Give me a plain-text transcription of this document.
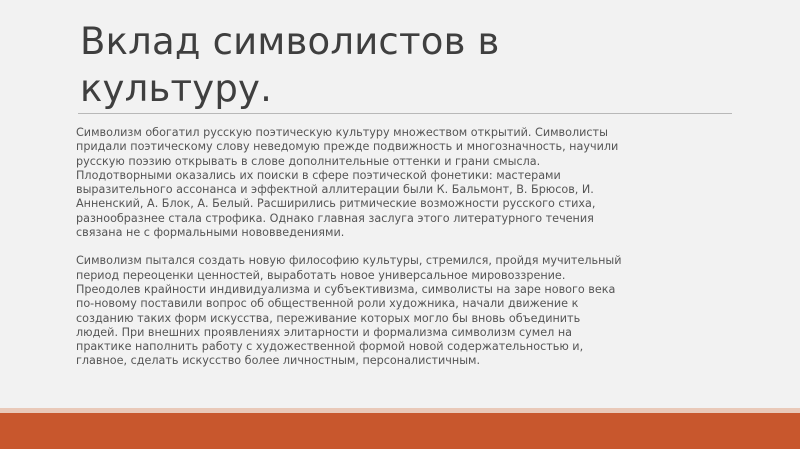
Вклад символистов в
культуру.

Символизм обогатил русскую поэтическую культуру множеством открытий. Символисты
придали поэтическому слову неведомую прежде подвижность и многозначность, научили
русскую поэзию открывать в слове дополнительные оттенки и грани смысла.
Плодотворными оказались их поиски в сфере поэтической фонетики: мастерами
выразительного ассонанса и эффектной аллитерации были К. Бальмонт, В. Брюсов, И.
Анненский, А. Блок, А. Белый. Расширились ритмические возможности русского стиха,
разнообразнее стала строфика. Однако главная заслуга этого литературного течения
связана не с формальными нововведениями.

Символизм пытался создать новую философию культуры, стремился, пройдя мучительный
период переоценки ценностей, выработать новое универсальное мировоззрение.
Преодолев крайности индивидуализма и субъективизма, символисты на заре нового века
по-новому поставили вопрос об общественной роли художника, начали движение к
созданию таких форм искусства, переживание которых могло бы вновь объединить
людей. При внешних проявлениях элитарности и формализма символизм сумел на
практике наполнить работу с художественной формой новой содержательностью и,
главное, сделать искусство более личностным, персоналистичным.
